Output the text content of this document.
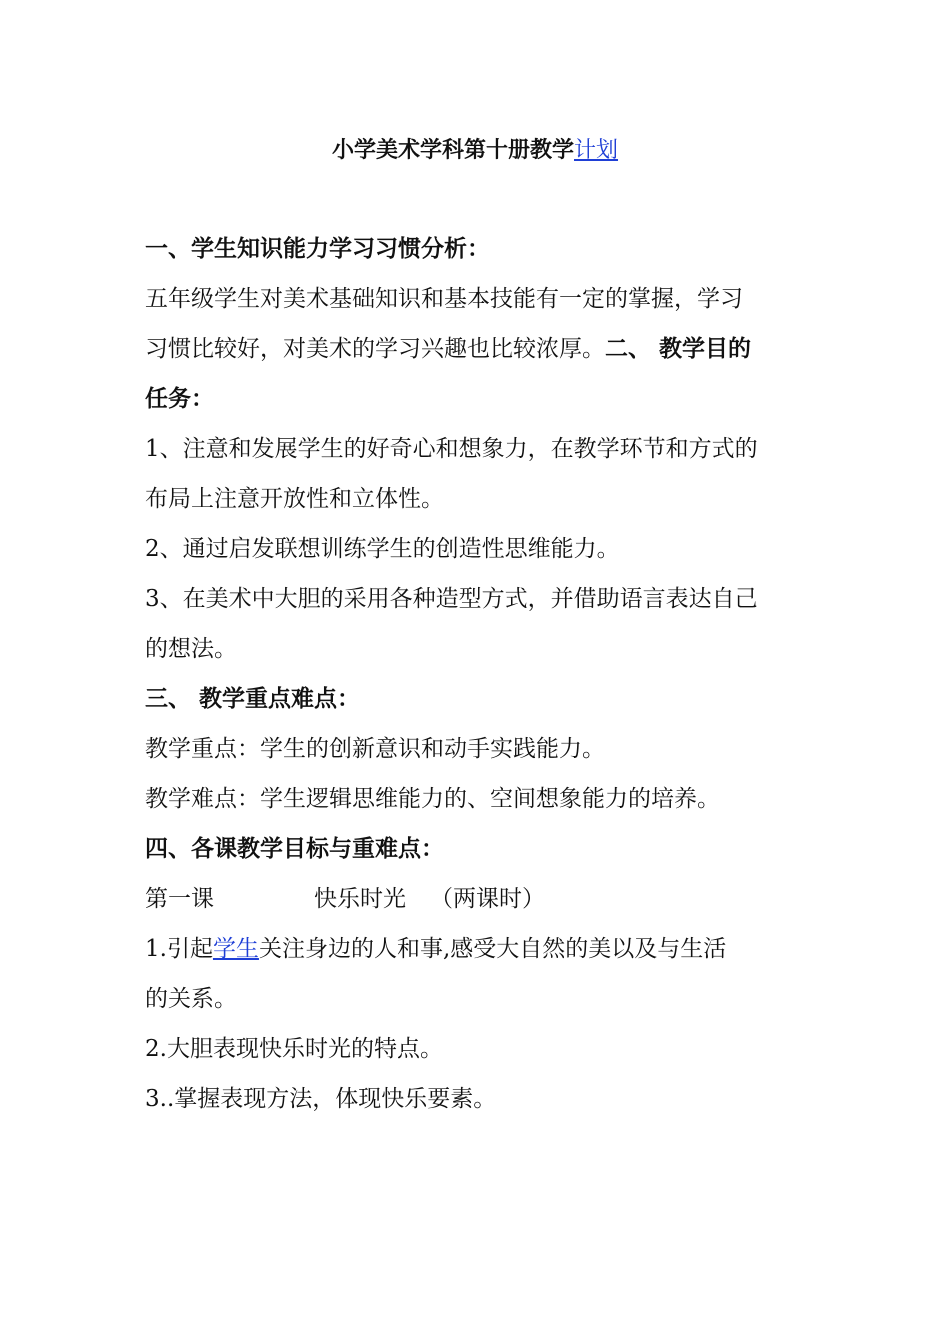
小学美术学科第十册教学计划
一、学生知识能力学习习惯分析：
五年级学生对美术基础知识和基本技能有一定的掌握，学习
习惯比较好，对美术的学习兴趣也比较浓厚。二、 教学目的
任务：
1、注意和发展学生的好奇心和想象力，在教学环节和方式的
布局上注意开放性和立体性。
2、通过启发联想训练学生的创造性思维能力。
3、在美术中大胆的采用各种造型方式，并借助语言表达自己
的想法。
三、 教学重点难点：
教学重点：学生的创新意识和动手实践能力。
教学难点：学生逻辑思维能力的、空间想象能力的培养。
四、各课教学目标与重难点：
第一课	快乐时光 （两课时）
1.引起学生关注身边的人和事,感受大自然的美以及与生活
的关系。
2.大胆表现快乐时光的特点。
3..掌握表现方法，体现快乐要素。
